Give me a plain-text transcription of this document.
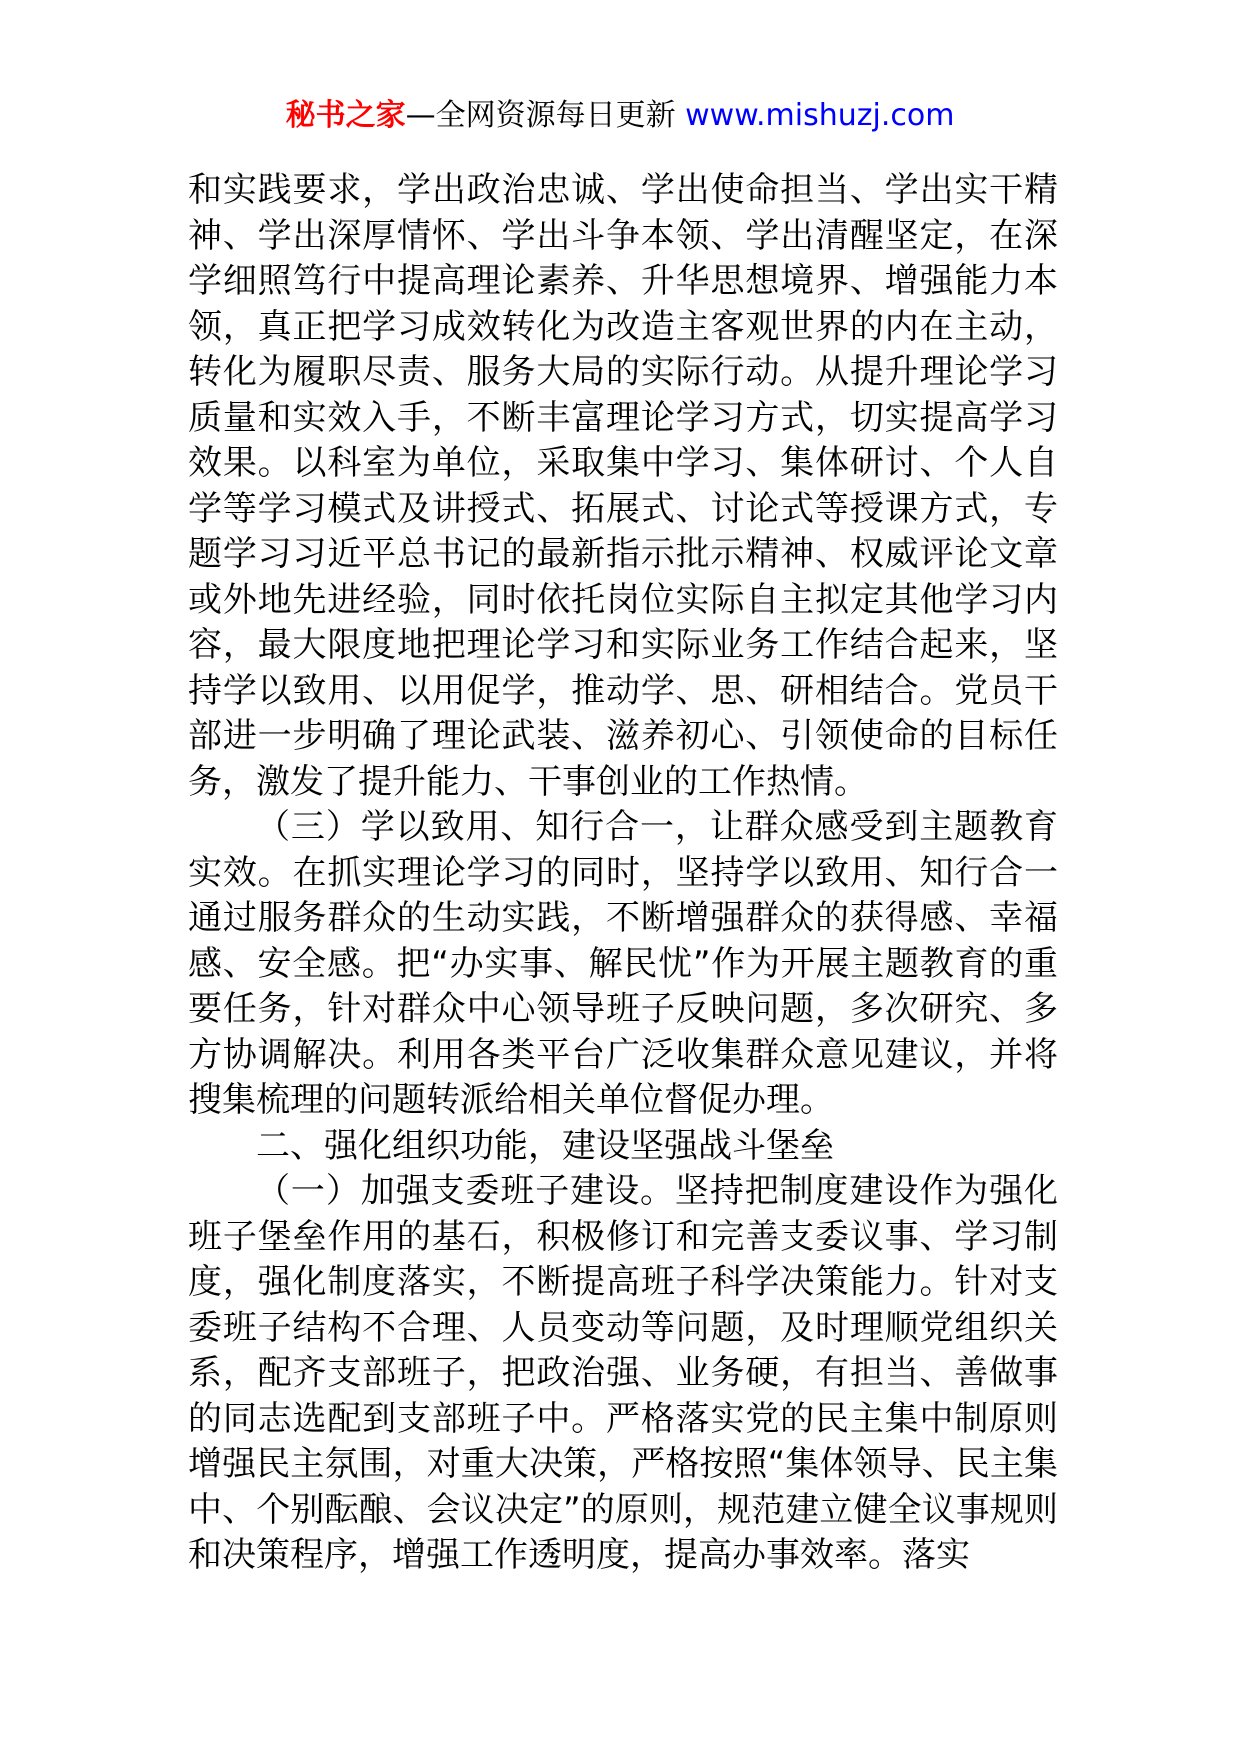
秘书之家—全网资源每日更新 www.mishuzj.com

和实践要求，学出政治忠诚、学出使命担当、学出实干精神、学出深厚情怀、学出斗争本领、学出清醒坚定，在深学细照笃行中提高理论素养、升华思想境界、增强能力本领，真正把学习成效转化为改造主客观世界的内在主动，转化为履职尽责、服务大局的实际行动。从提升理论学习质量和实效入手，不断丰富理论学习方式，切实提高学习效果。以科室为单位，采取集中学习、集体研讨、个人自学等学习模式及讲授式、拓展式、讨论式等授课方式，专题学习习近平总书记的最新指示批示精神、权威评论文章或外地先进经验，同时依托岗位实际自主拟定其他学习内容，最大限度地把理论学习和实际业务工作结合起来，坚持学以致用、以用促学，推动学、思、研相结合。党员干部进一步明确了理论武装、滋养初心、引领使命的目标任务，激发了提升能力、干事创业的工作热情。

（三）学以致用、知行合一，让群众感受到主题教育实效。在抓实理论学习的同时，坚持学以致用、知行合一通过服务群众的生动实践，不断增强群众的获得感、幸福感、安全感。把“办实事、解民忧”作为开展主题教育的重要任务，针对群众中心领导班子反映问题，多次研究、多方协调解决。利用各类平台广泛收集群众意见建议，并将搜集梳理的问题转派给相关单位督促办理。

二、强化组织功能，建设坚强战斗堡垒

（一）加强支委班子建设。坚持把制度建设作为强化班子堡垒作用的基石，积极修订和完善支委议事、学习制度，强化制度落实，不断提高班子科学决策能力。针对支委班子结构不合理、人员变动等问题，及时理顺党组织关系，配齐支部班子，把政治强、业务硬，有担当、善做事的同志选配到支部班子中。严格落实党的民主集中制原则增强民主氛围，对重大决策，严格按照“集体领导、民主集中、个别酝酿、会议决定”的原则，规范建立健全议事规则和决策程序，增强工作透明度，提高办事效率。落实
